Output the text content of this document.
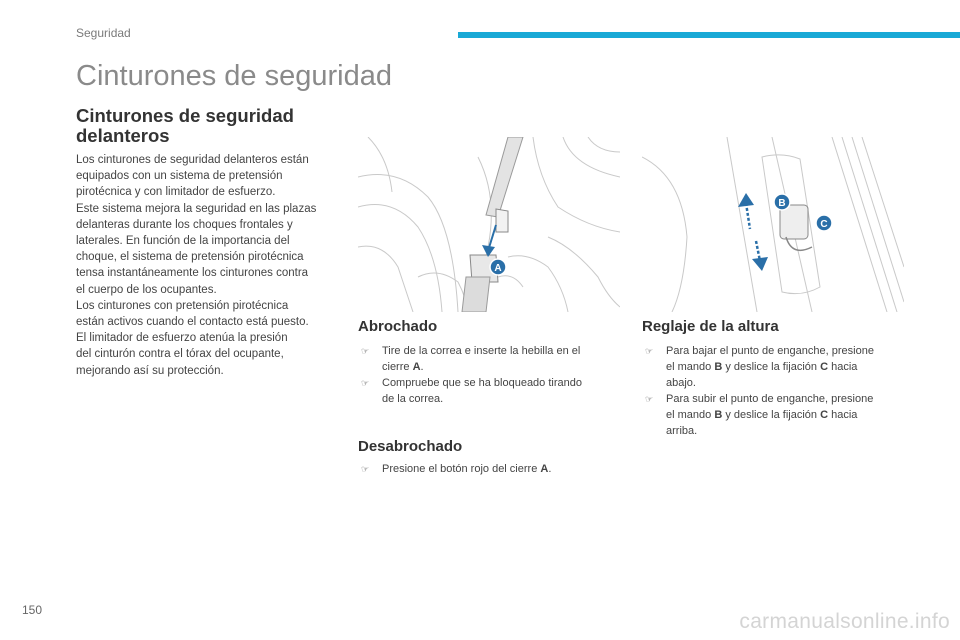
Seguridad
Cinturones de seguridad
Cinturones de seguridad
delanteros

Los cinturones de seguridad delanteros están

equipados con un sistema de pretensión

pirotécnica y con limitador de esfuerzo.

Este sistema mejora la seguridad en las plazas

delanteras durante los choques frontales y

laterales. En función de la importancia del

choque, el sistema de pretensión pirotécnica

tensa instantáneamente los cinturones contra

el cuerpo de los ocupantes.

Los cinturones con pretensión pirotécnica

están activos cuando el contacto está puesto.

El limitador de esfuerzo atenúa la presión

del cinturón contra el tórax del ocupante,

mejorando así su protección.

A
B
C
Abrochado
☞ Tire de la correa e inserte la hebilla en el
cierre A.
☞ Compruebe que se ha bloqueado tirando
de la correa.
Desabrochado
☞ Presione el botón rojo del cierre A.
Reglaje de la altura
☞ Para bajar el punto de enganche, presione
el mando B y deslice la fijación C hacia
abajo.
☞ Para subir el punto de enganche, presione
el mando B y deslice la fijación C hacia
arriba.
150	carmanualsonline.info
